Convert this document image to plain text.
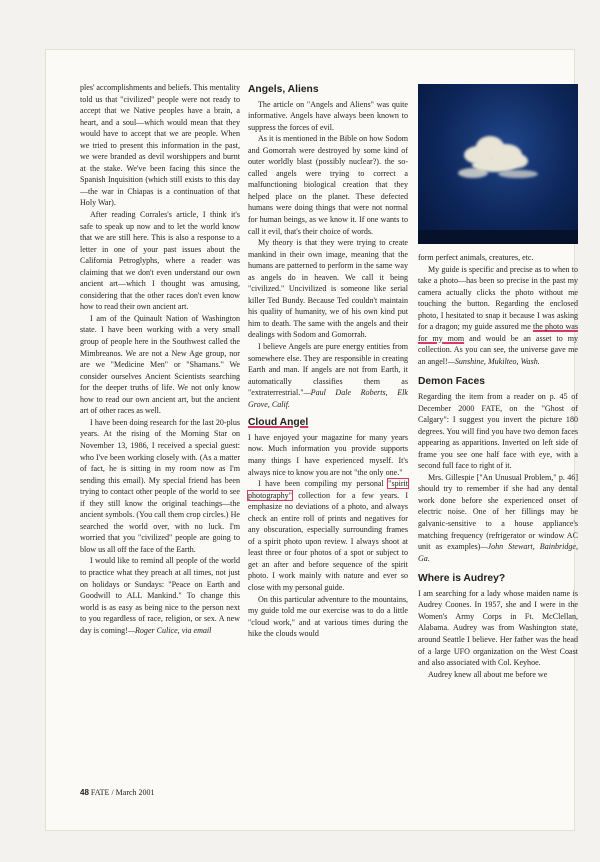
ples' accomplishments and beliefs. This mentality told us that "civilized" people were not ready to accept that we Native peoples have a brain, a heart, and a soul—which would mean that they would have to accept that we are people. When we tried to present this information in the past, we were branded as devil worshippers and burnt at the stake. We've been facing this since the Spanish Inquisition (which still exists to this day—the war in Chiapas is a continuation of that Holy War).

After reading Corrales's article, I think it's safe to speak up now and to let the world know that we are still here. This is also a response to a letter in one of your past issues about the California Petroglyphs, where a reader was claiming that we don't even understand our own ancient art—which I thought was amusing, considering that the other races don't even know how to read their own ancient art.

I am of the Quinault Nation of Washington state. I have been working with a very small group of people here in the Southwest called the Mimbreanos. We are not a New Age group, nor are we "Medicine Men" or "Shamans." We consider ourselves Ancient Scientists searching for the deeper truths of life. We not only know how to read our own ancient art, but the ancient art of other races as well.

I have been doing research for the last 20-plus years. At the rising of the Morning Star on November 13, 1986, I received a special guest: who I've been working closely with. (As a matter of fact, he is sitting in my room now as I'm sending this email). My special friend has been trying to contact other people of the world to see if they still know the original teachings—the ancient symbols. (You call them crop circles.) He searched the world over, with no luck. I'm worried that you "civilized" people are going to blow us all off the face of the Earth.

I would like to remind all people of the world to practice what they preach at all times, not just on holidays or Sundays: "Peace on Earth and Goodwill to ALL Mankind." To change this world is as easy as being nice to the person next to you regardless of race, religion, or sex. A new day is coming!—Roger Culice, via email

Angels, Aliens

The article on "Angels and Aliens" was quite informative. Angels have always been known to suppress the forces of evil.

As it is mentioned in the Bible on how Sodom and Gomorrah were destroyed by some kind of outer worldly blast (possibly nuclear?). the so-called angels were trying to correct a malfunctioning biological creation that they helped place on the planet. These defected humans were doing things that were not normal for human beings, as we know it. If one wants to call it evil, that's their choice of words.

My theory is that they were trying to create mankind in their own image, meaning that the humans are patterned to perform in the same way as angels do in heaven. We call it being "civilized." Uncivilized is someone like serial killer Ted Bundy. Because Ted couldn't maintain his quality of humanity, we of his own kind put him to death. The same with the angels and their dealings with Sodom and Gomorrah.

I believe Angels are pure energy entities from somewhere else. They are responsible in creating Earth and man. If angels are not from Earth, it automatically classifies them as "extraterrestrial."—Paul Dale Roberts, Elk Grove, Calif.

Cloud Angel

I have enjoyed your magazine for many years now. Much information you provide supports many things I have experienced myself. It's always nice to know you are not "the only one."

I have been compiling my personal "spirit photography" collection for a few years. I emphasize no deviations of a photo, and always check an entire roll of prints and negatives for any obscuration, especially surrounding frames of a spirit photo upon review. I always shoot at least three or four photos of a spot or subject to get an after and before sequence of the spirit photo. I work mainly with nature and ever so close with my personal guide.

On this particular adventure to the mountains, my guide told me our exercise was to do a little "cloud work," and at various times during the hike the clouds would

form perfect animals, creatures, etc.

My guide is specific and precise as to when to take a photo—has been so precise in the past my camera actually clicks the photo without me touching the button. Regarding the enclosed photo, I hesitated to snap it because I was asking for a dragon; my guide assured me the photo was for my mom and would be an asset to my collection. As you can see, the universe gave me an angel!—Sunshine, Mukilteo, Wash.

Demon Faces

Regarding the item from a reader on p. 45 of December 2000 FATE, on the "Ghost of Calgary": I suggest you invert the picture 180 degrees. You will find you have two demon faces appearing as apparitions. Inverted on left side of frame you see one half face with eye, with a second full face to right of it.

Mrs. Gillespie ["An Unusual Problem," p. 46] should try to remember if she had any dental work done before she experienced onset of electric noise. One of her fillings may be galvanic-sensitive to a house appliance's matching frequency (refrigerator or window AC unit as examples)—John Stewart, Bainbridge, Ga.

Where is Audrey?

I am searching for a lady whose maiden name is Audrey Coones. In 1957, she and I were in the Women's Army Corps in Ft. McClellan, Alabama. Audrey was from Washington state, around Seattle I believe. Her father was the head of a large UFO organization on the West Coast and also associated with Col. Keyhoe.

Audrey knew all about me before we

48 FATE / March 2001
